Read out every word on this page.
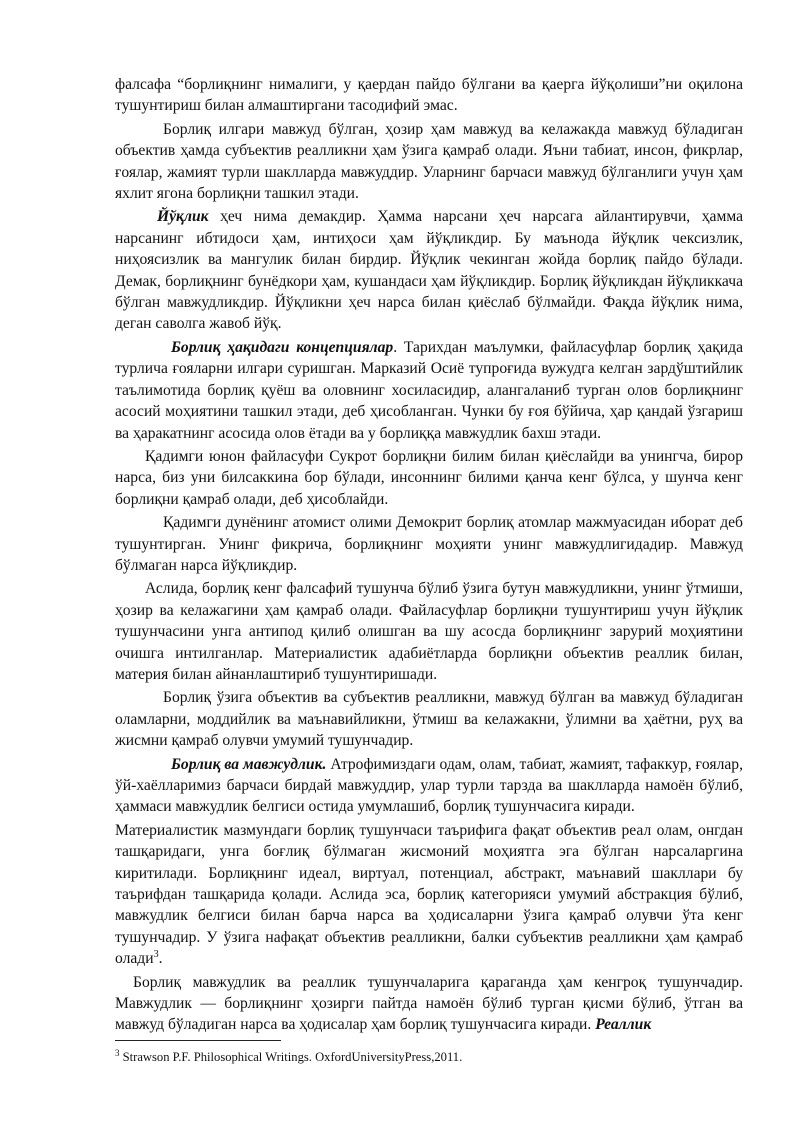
фалсафа “борлиқнинг нималиги, у қаердан пайдо бўлгани ва қаерга йўқолиши”ни оқилона тушунтириш билан алмаштиргани тасодифий эмас.

Борлиқ илгари мавжуд бўлган, ҳозир ҳам мавжуд ва келажакда мавжуд бўладиган объектив ҳамда субъектив реалликни ҳам ўзига қамраб олади. Яъни табиат, инсон, фикрлар, ғоялар, жамият турли шаклларда мавжуддир. Уларнинг барчаси мавжуд бўлганлиги учун ҳам яхлит ягона борлиқни ташкил этади.

Йўқлик ҳеч нима демакдир. Ҳамма нарсани ҳеч нарсага айлантирувчи, ҳамма нарсанинг ибтидоси ҳам, интиҳоси ҳам йўқликдир. Бу маънода йўқлик чексизлик, ниҳоясизлик ва мангулик билан бирдир. Йўқлик чекинган жойда борлиқ пайдо бўлади. Демак, борлиқнинг бунёдкори ҳам, кушандаси ҳам йўқликдир. Борлиқ йўқликдан йўқликкача бўлган мавжудликдир. Йўқликни ҳеч нарса билан қиёслаб бўлмайди. Фақда йўқлик нима, деган саволга жавоб йўқ.

Борлиқ ҳақидаги концепциялар. Тарихдан маълумки, файласуфлар борлиқ ҳақида турлича ғояларни илгари суришган. Марказий Осиё тупроғида вужудга келган зардўштийлик таълимотида борлиқ қуёш ва оловнинг хосиласидир, алангаланиб турган олов борлиқнинг асосий моҳиятини ташкил этади, деб ҳисобланган. Чунки бу ғоя бўйича, ҳар қандай ўзгариш ва ҳаракатнинг асосида олов ётади ва у борлиққа мавжудлик бахш этади.

Қадимги юнон файласуфи Сукрот борлиқни билим билан қиёслайди ва унингча, бирор нарса, биз уни билсаккина бор бўлади, инсоннинг билими қанча кенг бўлса, у шунча кенг борлиқни қамраб олади, деб ҳисоблайди.

Қадимги дунёнинг атомист олими Демокрит борлиқ атомлар мажмуасидан иборат деб тушунтирган. Унинг фикрича, борлиқнинг моҳияти унинг мавжудлигидадир. Мавжуд бўлмаган нарса йўқликдир.

Аслида, борлиқ кенг фалсафий тушунча бўлиб ўзига бутун мавжудликни, унинг ўтмиши, ҳозир ва келажагини ҳам қамраб олади. Файласуфлар борлиқни тушунтириш учун йўқлик тушунчасини унга антипод қилиб олишган ва шу асосда борлиқнинг зарурий моҳиятини очишга интилганлар. Материалистик адабиётларда борлиқни объектив реаллик билан, материя билан айнанлаштириб тушунтиришади.

Борлиқ ўзига объектив ва субъектив реалликни, мавжуд бўлган ва мавжуд бўладиган оламларни, моддийлик ва маънавийликни, ўтмиш ва келажакни, ўлимни ва ҳаётни, руҳ ва жисмни қамраб олувчи умумий тушунчадир.

Борлиқ ва мавжудлик. Атрофимиздаги одам, олам, табиат, жамият, тафаккур, ғоялар, ўй-хаёлларимиз барчаси бирдай мавжуддир, улар турли тарзда ва шаклларда намоён бўлиб, ҳаммаси мавжудлик белгиси остида умумлашиб, борлиқ тушунчасига киради.

Материалистик мазмундаги борлиқ тушунчаси таърифига фақат объектив реал олам, онгдан ташқаридаги, унга боғлиқ бўлмаган жисмоний моҳиятга эга бўлган нарсаларгина киритилади. Борлиқнинг идеал, виртуал, потенциал, абстракт, маънавий шакллари бу таърифдан ташқарида қолади. Аслида эса, борлиқ категорияси умумий абстракция бўлиб, мавжудлик белгиси билан барча нарса ва ҳодисаларни ўзига қамраб олувчи ўта кенг тушунчадир. У ўзига нафақат объектив реалликни, балки субъектив реалликни ҳам қамраб олади$^3$.

Борлиқ мавжудлик ва реаллик тушунчаларига қараганда ҳам кенгроқ тушунчадир. Мавжудлик — борлиқнинг ҳозирги пайтда намоён бўлиб турган қисми бўлиб, ўтган ва мавжуд бўладиган нарса ва ҳодисалар ҳам борлиқ тушунчасига киради. Реаллик

$^3$ Strawson P.F. Philosophical Writings. OxfordUniversityPress,2011.
